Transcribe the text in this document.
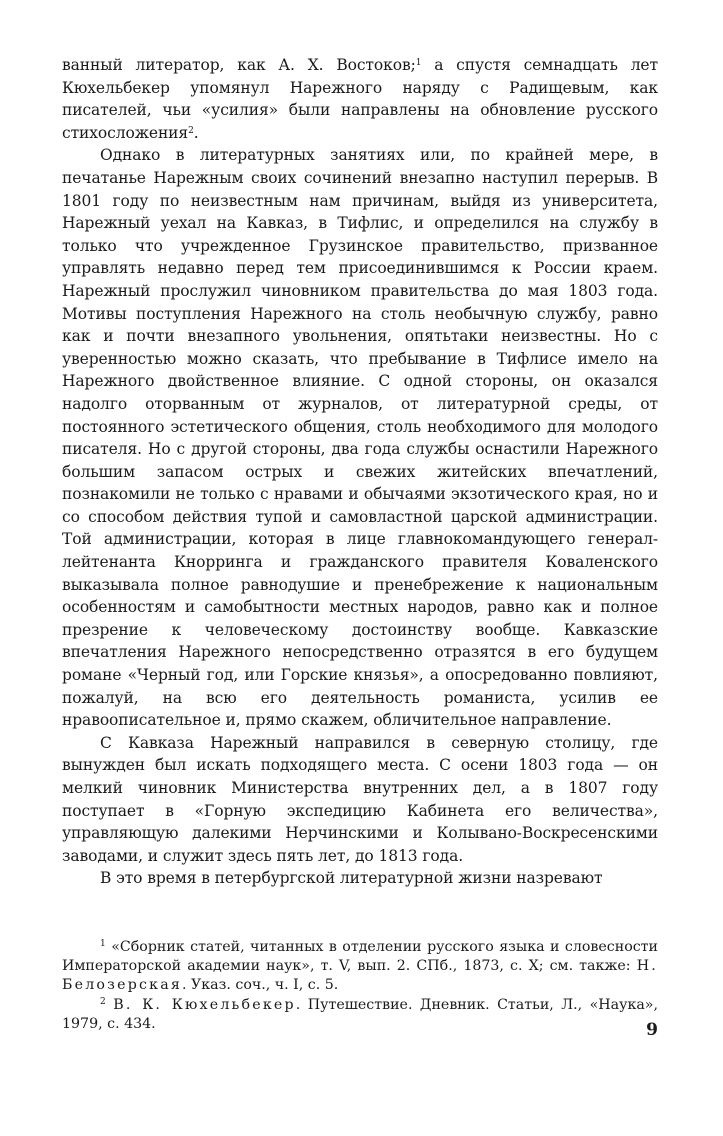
ванный литератор, как А. Х. Востоков;$^1$ а спустя семнадцать лет Кюхельбекер упомянул Нарежного наряду с Радищевым, как писателей, чьи «усилия» были направлены на обновление русского стихосложения$^2$.

Однако в литературных занятиях или, по крайней мере, в печатанье Нарежным своих сочинений внезапно наступил перерыв. В 1801 году по неизвестным нам причинам, выйдя из университета, Нарежный уехал на Кавказ, в Тифлис, и определился на службу в только что учрежденное Грузинское правительство, призванное управлять недавно перед тем присоединившимся к России краем. Нарежный прослужил чиновником правительства до мая 1803 года. Мотивы поступления Нарежного на столь необычную службу, равно как и почти внезапного увольнения, опятьтаки неизвестны. Но с уверенностью можно сказать, что пребывание в Тифлисе имело на Нарежного двойственное влияние. С одной стороны, он оказался надолго оторванным от журналов, от литературной среды, от постоянного эстетического общения, столь необходимого для молодого писателя. Но с другой стороны, два года службы оснастили Нарежного большим запасом острых и свежих житейских впечатлений, познакомили не только с нравами и обычаями экзотического края, но и со способом действия тупой и самовластной царской администрации. Той администрации, которая в лице главнокомандующего генерал-лейтенанта Кнорринга и гражданского правителя Коваленского выказывала полное равнодушие и пренебрежение к национальным особенностям и самобытности местных народов, равно как и полное презрение к человеческому достоинству вообще. Кавказские впечатления Нарежного непосредственно отразятся в его будущем романе «Черный год, или Горские князья», а опосредованно повлияют, пожалуй, на всю его деятельность романиста, усилив ее нравоописательное и, прямо скажем, обличительное направление.

С Кавказа Нарежный направился в северную столицу, где вынужден был искать подходящего места. С осени 1803 года — он мелкий чиновник Министерства внутренних дел, а в 1807 году поступает в «Горную экспедицию Кабинета его величества», управляющую далекими Нерчинскими и Колывано-Воскресенскими заводами, и служит здесь пять лет, до 1813 года.

В это время в петербургской литературной жизни назревают

$^1$ «Сборник статей, читанных в отделении русского языка и словесности Императорской академии наук», т. V, вып. 2. СПб., 1873, с. X; см. также: Н. Белозерская. Указ. соч., ч. I, с. 5.

$^2$ В. К. Кюхельбекер. Путешествие. Дневник. Статьи, Л., «Наука», 1979, с. 434.	9
